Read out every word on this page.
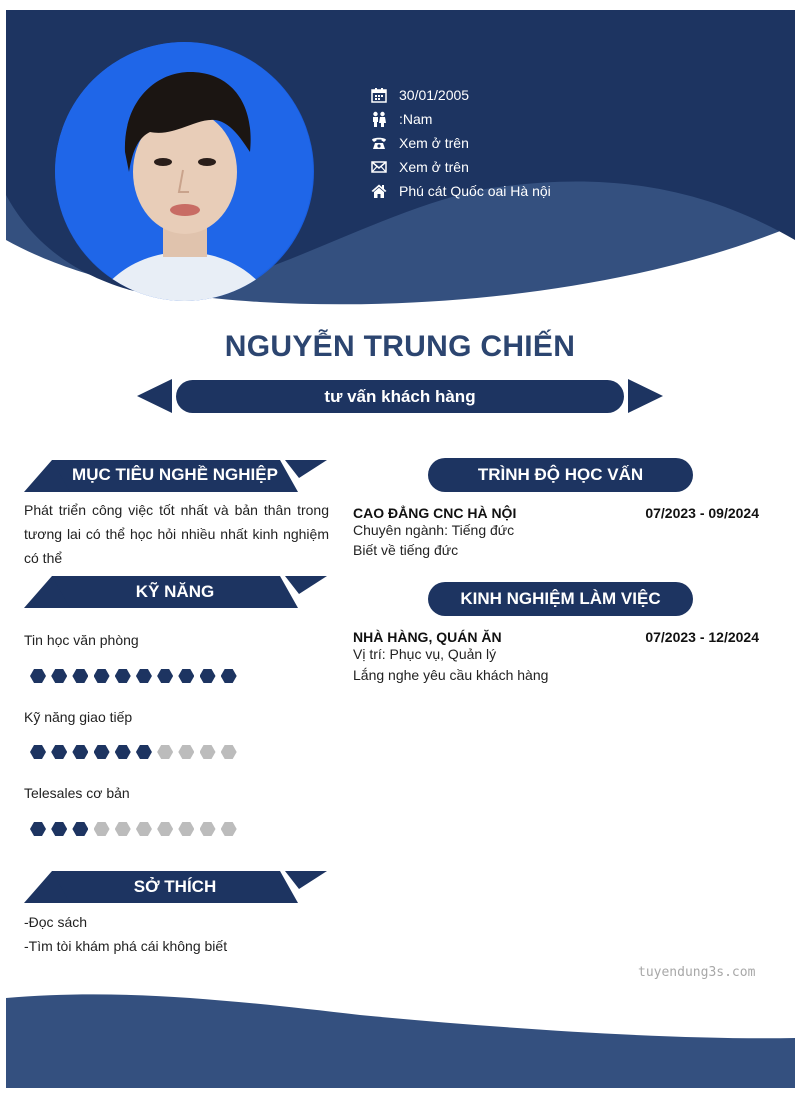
30/01/2005
:Nam
Xem ở trên
Xem ở trên
Phú cát Quốc oai Hà nội
NGUYỄN TRUNG CHIẾN
tư vấn khách hàng
MỤC TIÊU NGHỀ NGHIỆP
Phát triển công việc tốt nhất và bản thân trong tương lai có thể học hỏi nhiều nhất kinh nghiệm có thể
KỸ NĂNG
Tin học văn phòng
Kỹ năng giao tiếp
Telesales cơ bản
SỞ THÍCH
-Đọc sách
-Tìm tòi khám phá cái không biết
TRÌNH ĐỘ HỌC VẤN
CAO ĐẲNG CNC HÀ NỘI	07/2023 - 09/2024
Chuyên ngành: Tiếng đức
Biết về tiếng đức
KINH NGHIỆM LÀM VIỆC
NHÀ HÀNG, QUÁN ĂN	07/2023 - 12/2024
Vị trí: Phục vụ, Quản lý
Lắng nghe yêu cầu khách hàng
tuyendung3s.com
